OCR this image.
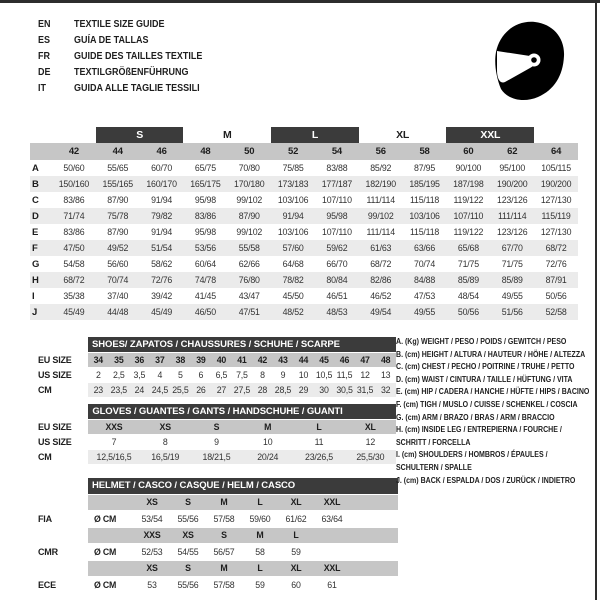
EN	TEXTILE SIZE GUIDE
ES	GUÍA DE TALLAS
FR	GUIDE DES TAILLES TEXTILE
DE	TEXTILGRÖßENFÜHRUNG
IT	GUIDA ALLE TAGLIE TESSILI
		S		M		L		XL		XXL		
	42	44	46	48	50	52	54	56	58	60	62	64
A	50/60	55/65	60/70	65/75	70/80	75/85	83/88	85/92	87/95	90/100	95/100	105/115
B	150/160	155/165	160/170	165/175	170/180	173/183	177/187	182/190	185/195	187/198	190/200	190/200
C	83/86	87/90	91/94	95/98	99/102	103/106	107/110	111/114	115/118	119/122	123/126	127/130
D	71/74	75/78	79/82	83/86	87/90	91/94	95/98	99/102	103/106	107/110	111/114	115/119
E	83/86	87/90	91/94	95/98	99/102	103/106	107/110	111/114	115/118	119/122	123/126	127/130
F	47/50	49/52	51/54	53/56	55/58	57/60	59/62	61/63	63/66	65/68	67/70	68/72
G	54/58	56/60	58/62	60/64	62/66	64/68	66/70	68/72	70/74	71/75	71/75	72/76
H	68/72	70/74	72/76	74/78	76/80	78/82	80/84	82/86	84/88	85/89	85/89	87/91
I	35/38	37/40	39/42	41/45	43/47	45/50	46/51	46/52	47/53	48/54	49/55	50/56
J	45/49	44/48	45/49	46/50	47/51	48/52	48/53	49/54	49/55	50/56	51/56	52/58
	SHOES/ ZAPATOS / CHAUSSURES / SCHUHE / SCARPE														
EU SIZE	34	35	36	37	38	39	40	41	42	43	44	45	46	47	48
US SIZE	2	2,5	3,5	4	5	6	6,5	7,5	8	9	10	10,5	11,5	12	13
CM	23	23,5	24	24,5	25,5	26	27	27,5	28	28,5	29	30	30,5	31,5	32
	GLOVES / GUANTES / GANTS / HANDSCHUHE / GUANTI					
EU SIZE	XXS	XS	S	M	L	XL
US SIZE	7	8	9	10	11	12
CM	12,5/16,5	16,5/19	18/21,5	20/24	23/26,5	25,5/30
	HELMET / CASCO / CASQUE / HELM / CASCO							
		XS	S	M	L	XL	XXL	
FIA	Ø CM	53/54	55/56	57/58	59/60	61/62	63/64	
		XXS	XS	S	M	L		
CMR	Ø CM	52/53	54/55	56/57	58	59		
		XS	S	M	L	XL	XXL	
ECE	Ø CM	53	55/56	57/58	59	60	61	
A. (Kg) WEIGHT / PESO / POIDS / GEWITCH / PESO
B. (cm) HEIGHT / ALTURA / HAUTEUR / HÖHE / ALTEZZA
C. (cm) CHEST / PECHO / POITRINE / TRUHE / PETTO
D. (cm) WAIST / CINTURA / TAILLE / HÜFTUNG / VITA
E. (cm) HIP / CADERA / HANCHE / HÜFTE / HIPS / BACINO
F. (cm) TIGH / MUSLO / CUISSE / SCHENKEL / COSCIA
G. (cm) ARM / BRAZO / BRAS / ARM / BRACCIO
H. (cm) INSIDE LEG / ENTREPIERNA / FOURCHE /
SCHRITT / FORCELLA
I. (cm) SHOULDERS / HOMBROS / ÉPAULES /
SCHULTERN / SPALLE
J. (cm) BACK / ESPALDA / DOS / ZURÜCK / INDIETRO
